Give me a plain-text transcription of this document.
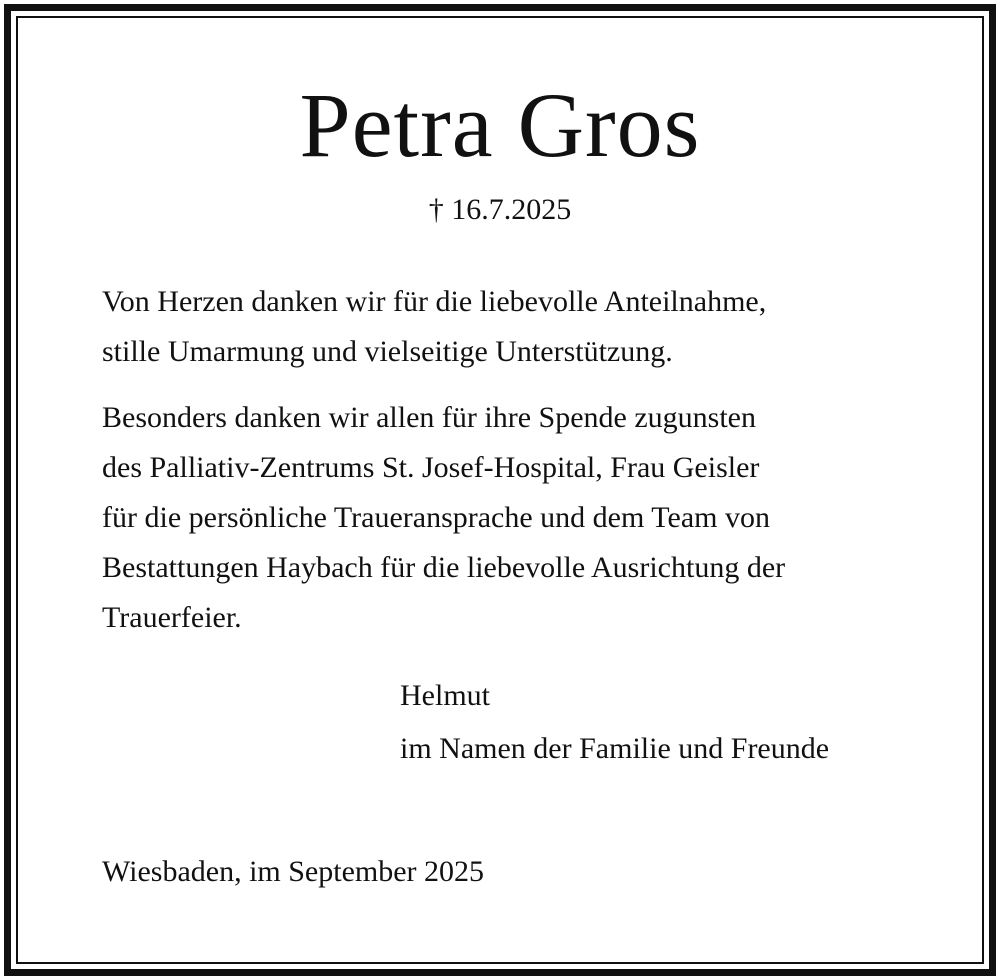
Petra Gros
† 16.7.2025
Von Herzen danken wir für die liebevolle Anteilnahme,
stille Umarmung und vielseitige Unterstützung.
Besonders danken wir allen für ihre Spende zugunsten
des Palliativ-Zentrums St. Josef-Hospital, Frau Geisler
für die persönliche Traueransprache und dem Team von
Bestattungen Haybach für die liebevolle Ausrichtung der
Trauerfeier.
Helmut
im Namen der Familie und Freunde
Wiesbaden, im September 2025
